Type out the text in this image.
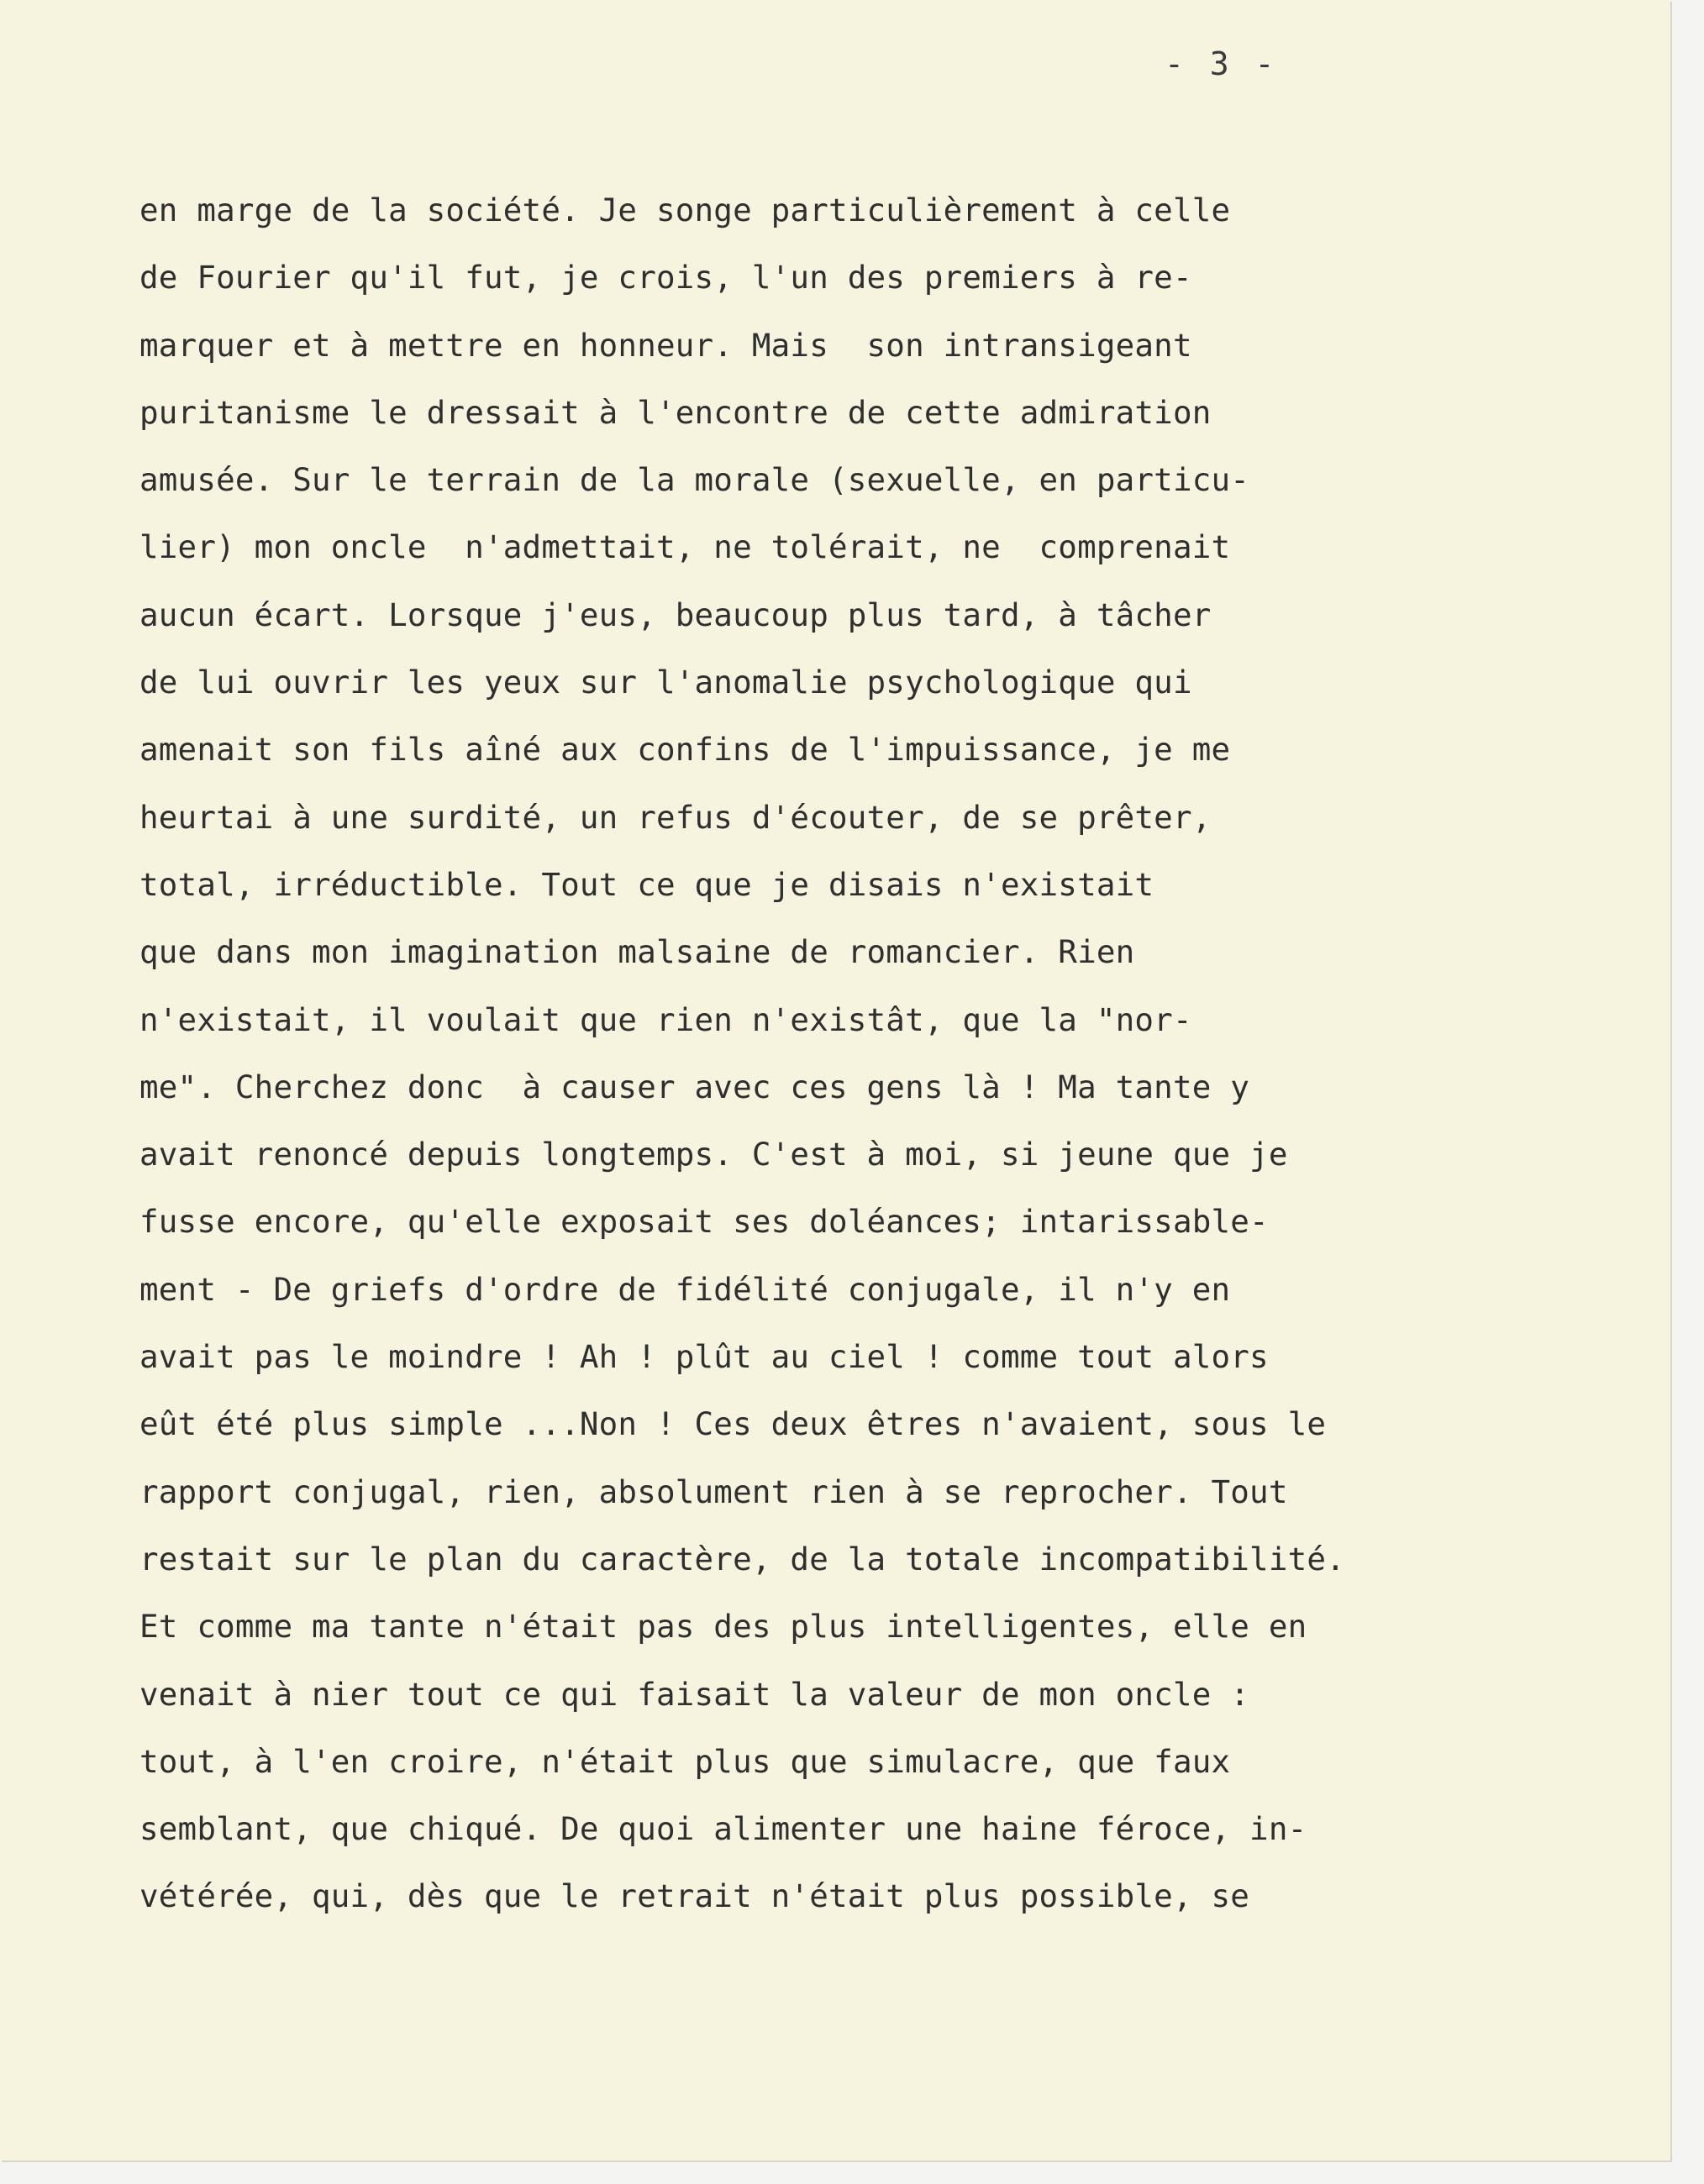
- 3 -
en marge de la société. Je songe particulièrement à celle
de Fourier qu'il fut, je crois, l'un des premiers à re-
marquer et à mettre en honneur. Mais  son intransigeant
puritanisme le dressait à l'encontre de cette admiration
amusée. Sur le terrain de la morale (sexuelle, en particu-
lier) mon oncle  n'admettait, ne tolérait, ne  comprenait
aucun écart. Lorsque j'eus, beaucoup plus tard, à tâcher
de lui ouvrir les yeux sur l'anomalie psychologique qui
amenait son fils aîné aux confins de l'impuissance, je me
heurtai à une surdité, un refus d'écouter, de se prêter,
total, irréductible. Tout ce que je disais n'existait
que dans mon imagination malsaine de romancier. Rien
n'existait, il voulait que rien n'existât, que la "nor-
me". Cherchez donc  à causer avec ces gens là ! Ma tante y
avait renoncé depuis longtemps. C'est à moi, si jeune que je
fusse encore, qu'elle exposait ses doléances; intarissable-
ment - De griefs d'ordre de fidélité conjugale, il n'y en
avait pas le moindre ! Ah ! plût au ciel ! comme tout alors
eût été plus simple ...Non ! Ces deux êtres n'avaient, sous le
rapport conjugal, rien, absolument rien à se reprocher. Tout
restait sur le plan du caractère, de la totale incompatibilité.
Et comme ma tante n'était pas des plus intelligentes, elle en
venait à nier tout ce qui faisait la valeur de mon oncle :
tout, à l'en croire, n'était plus que simulacre, que faux
semblant, que chiqué. De quoi alimenter une haine féroce, in-
vétérée, qui, dès que le retrait n'était plus possible, se
